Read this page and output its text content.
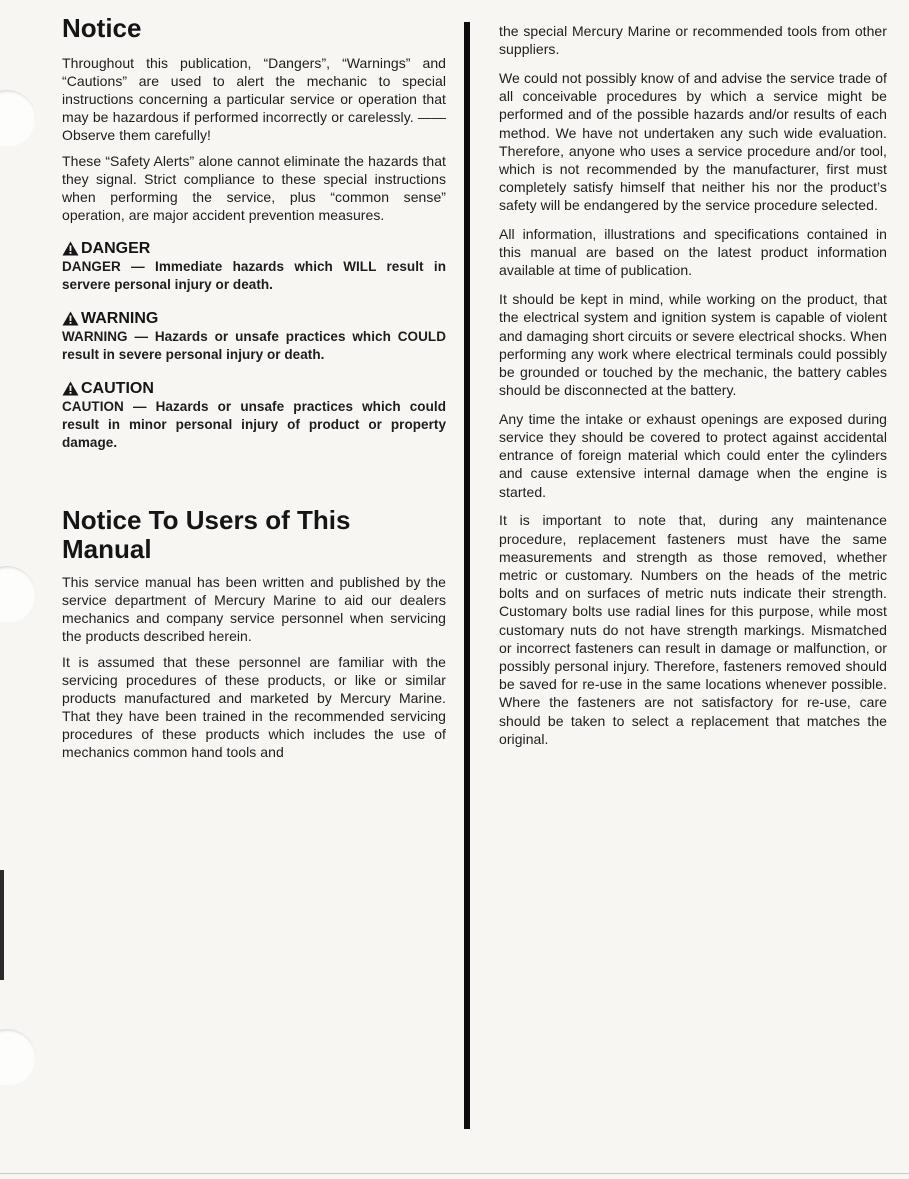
Notice

Throughout this publication, “Dangers”, “Warnings” and “Cautions” are used to alert the mechanic to special instructions concerning a particular service or operation that may be hazardous if performed incorrectly or carelessly. —— Observe them carefully!

These “Safety Alerts” alone cannot eliminate the hazards that they signal. Strict compliance to these special instructions when performing the service, plus “common sense” operation, are major accident prevention measures.

DANGER

DANGER — Immediate hazards which WILL result in servere personal injury or death.

WARNING

WARNING — Hazards or unsafe practices which COULD result in severe personal injury or death.

CAUTION

CAUTION — Hazards or unsafe practices which could result in minor personal injury of product or property damage.

Notice To Users of This Manual

This service manual has been written and published by the service department of Mercury Marine to aid our dealers mechanics and company service personnel when servicing the products described herein.

It is assumed that these personnel are familiar with the servicing procedures of these products, or like or similar products manufactured and marketed by Mercury Marine. That they have been trained in the recommended servicing procedures of these products which includes the use of mechanics common hand tools and

the special Mercury Marine or recommended tools from other suppliers.

We could not possibly know of and advise the service trade of all conceivable procedures by which a service might be performed and of the possible hazards and/or results of each method. We have not undertaken any such wide evaluation. Therefore, anyone who uses a service procedure and/or tool, which is not recommended by the manufacturer, first must completely satisfy himself that neither his nor the product’s safety will be endangered by the service procedure selected.

All information, illustrations and specifications contained in this manual are based on the latest product information available at time of publication.

It should be kept in mind, while working on the product, that the electrical system and ignition system is capable of violent and damaging short circuits or severe electrical shocks. When performing any work where electrical terminals could possibly be grounded or touched by the mechanic, the battery cables should be disconnected at the battery.

Any time the intake or exhaust openings are exposed during service they should be covered to protect against accidental entrance of foreign material which could enter the cylinders and cause extensive internal damage when the engine is started.

It is important to note that, during any maintenance procedure, replacement fasteners must have the same measurements and strength as those removed, whether metric or customary. Numbers on the heads of the metric bolts and on surfaces of metric nuts indicate their strength. Customary bolts use radial lines for this purpose, while most customary nuts do not have strength markings. Mismatched or incorrect fasteners can result in damage or malfunction, or possibly personal injury. Therefore, fasteners removed should be saved for re-use in the same locations whenever possible. Where the fasteners are not satisfactory for re-use, care should be taken to select a replacement that matches the original.
